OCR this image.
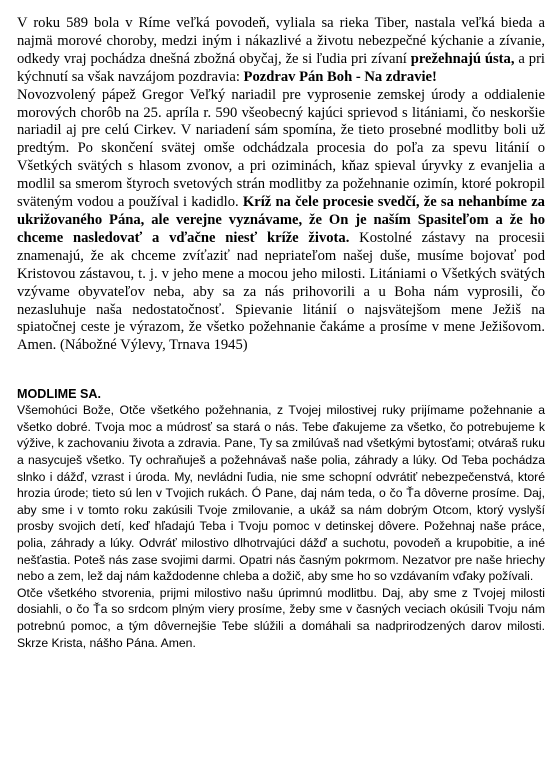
V roku 589 bola v Ríme veľká povodeň, vyliala sa rieka Tiber, nastala veľká bieda a najmä morové choroby, medzi iným i nákazlivé a životu nebezpečné kýchanie a zívanie, odkedy vraj pochádza dnešná zbožná obyčaj, že si ľudia pri zívaní prežehnajú ústa, a pri kýchnutí sa však navzájom pozdravia: Pozdrav Pán Boh - Na zdravie!

Novozvolený pápež Gregor Veľký nariadil pre vyprosenie zemskej úrody a oddialenie morových chorôb na 25. apríla r. 590 všeobecný kajúci sprievod s litániami, čo neskoršie nariadil aj pre celú Cirkev. V nariadení sám spomína, že tieto prosebné modlitby boli už predtým. Po skončení svätej omše odchádzala procesia do poľa za spevu litánií o Všetkých svätých s hlasom zvonov, a pri oziminách, kňaz spieval úryvky z evanjelia a modlil sa smerom štyroch svetových strán modlitby za požehnanie ozimín, ktoré pokropil sväteným vodou a používal i kadidlo. Kríž na čele procesie svedčí, že sa nehanbíme za ukrižovaného Pána, ale verejne vyznávame, že On je naším Spasiteľom a že ho chceme nasledovať a vďačne niesť kríže života. Kostolné zástavy na procesii znamenajú, že ak chceme zvíťaziť nad nepriateľom našej duše, musíme bojovať pod Kristovou zástavou, t. j. v jeho mene a mocou jeho milosti. Litániami o Všetkých svätých vzývame obyvateľov neba, aby sa za nás prihovorili a u Boha nám vyprosili, čo nezasluhuje naša nedostatočnosť. Spievanie litánií o najsvätejšom mene Ježiš na spiatočnej ceste je výrazom, že všetko požehnanie čakáme a prosíme v mene Ježišovom. Amen. (Nábožné Výlevy, Trnava 1945)

MODLIME SA.

Všemohúci Bože, Otče všetkého požehnania, z Tvojej milostivej ruky prijímame požehnanie a všetko dobré. Tvoja moc a múdrosť sa stará o nás. Tebe ďakujeme za všetko, čo potrebujeme k výžive, k zachovaniu života a zdravia. Pane, Ty sa zmilúvaš nad všetkými bytosťami; otváraš ruku a nasycuješ všetko. Ty ochraňuješ a požehnávaš naše polia, záhrady a lúky. Od Teba pochádza slnko i dážď, vzrast i úroda. My, nevládni ľudia, nie sme schopní odvrátiť nebezpečenstvá, ktoré hrozia úrode; tieto sú len v Tvojich rukách. Ó Pane, daj nám teda, o čo Ťa dôverne prosíme. Daj, aby sme i v tomto roku zakúsili Tvoje zmilovanie, a ukáž sa nám dobrým Otcom, ktorý vyslyší prosby svojich detí, keď hľadajú Teba i Tvoju pomoc v detinskej dôvere. Požehnaj naše práce, polia, záhrady a lúky. Odvráť milostivo dlhotrvajúci dážď a suchotu, povodeň a krupobitie, a iné nešťastia. Poteš nás zase svojimi darmi. Opatri nás časným pokrmom. Nezatvor pre naše hriechy nebo a zem, lež daj nám každodenne chleba a dožič, aby sme ho so vzdávaním vďaky požívali.

Otče všetkého stvorenia, prijmi milostivo našu úprimnú modlitbu. Daj, aby sme z Tvojej milosti dosiahli, o čo Ťa so srdcom plným viery prosíme, žeby sme v časných veciach okúsili Tvoju nám potrebnú pomoc, a tým dôvernejšie Tebe slúžili a domáhali sa nadprirodzených darov milosti. Skrze Krista, nášho Pána. Amen.
